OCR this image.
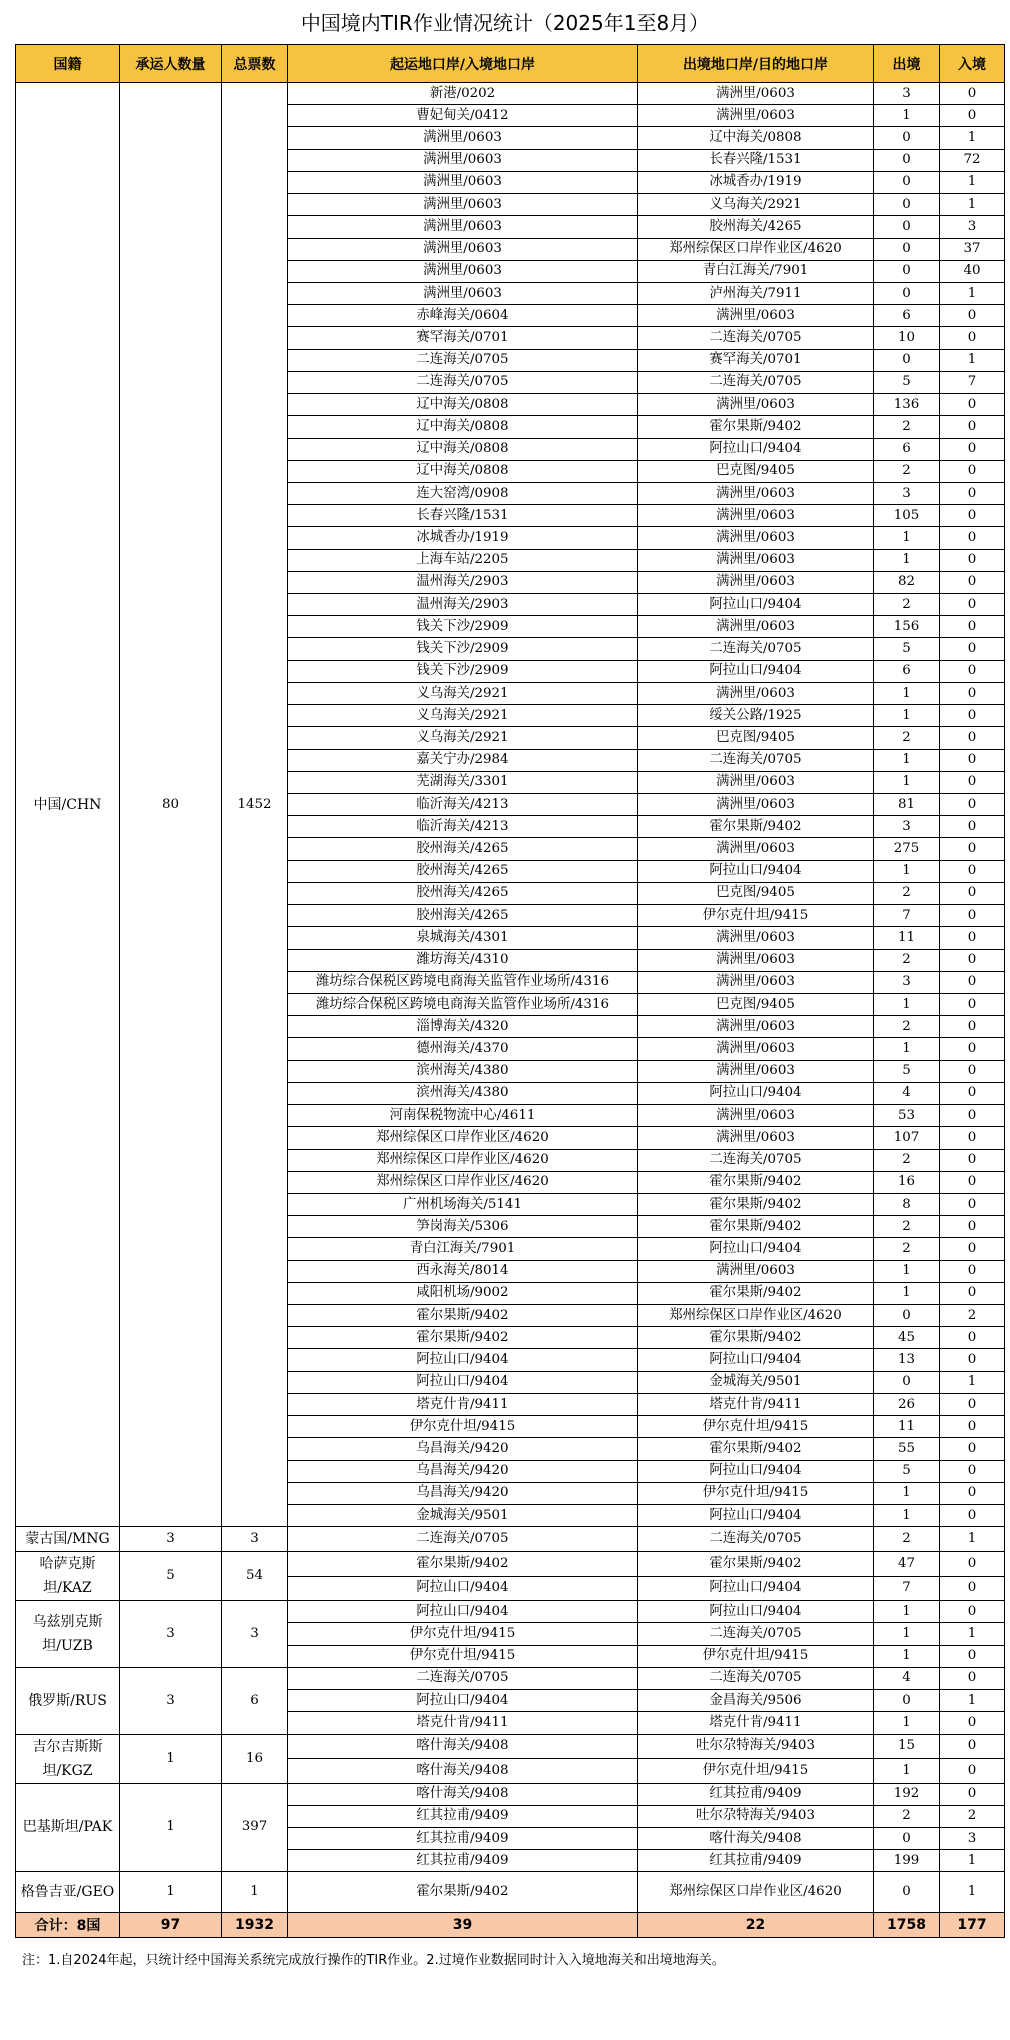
中国境内TIR作业情况统计（2025年1至8月）
国籍	承运人数量	总票数	起运地口岸/入境地口岸	出境地口岸/目的地口岸	出境	入境
中国/CHN	80	1452	新港/0202	满洲里/0603	3	0
			曹妃甸关/0412	满洲里/0603	1	0
			满洲里/0603	辽中海关/0808	0	1
			满洲里/0603	长春兴隆/1531	0	72
			满洲里/0603	冰城香办/1919	0	1
			满洲里/0603	义乌海关/2921	0	1
			满洲里/0603	胶州海关/4265	0	3
			满洲里/0603	郑州综保区口岸作业区/4620	0	37
			满洲里/0603	青白江海关/7901	0	40
			满洲里/0603	泸州海关/7911	0	1
			赤峰海关/0604	满洲里/0603	6	0
			赛罕海关/0701	二连海关/0705	10	0
			二连海关/0705	赛罕海关/0701	0	1
			二连海关/0705	二连海关/0705	5	7
			辽中海关/0808	满洲里/0603	136	0
			辽中海关/0808	霍尔果斯/9402	2	0
			辽中海关/0808	阿拉山口/9404	6	0
			辽中海关/0808	巴克图/9405	2	0
			连大窑湾/0908	满洲里/0603	3	0
			长春兴隆/1531	满洲里/0603	105	0
			冰城香办/1919	满洲里/0603	1	0
			上海车站/2205	满洲里/0603	1	0
			温州海关/2903	满洲里/0603	82	0
			温州海关/2903	阿拉山口/9404	2	0
			钱关下沙/2909	满洲里/0603	156	0
			钱关下沙/2909	二连海关/0705	5	0
			钱关下沙/2909	阿拉山口/9404	6	0
			义乌海关/2921	满洲里/0603	1	0
			义乌海关/2921	绥关公路/1925	1	0
			义乌海关/2921	巴克图/9405	2	0
			嘉关宁办/2984	二连海关/0705	1	0
			芜湖海关/3301	满洲里/0603	1	0
			临沂海关/4213	满洲里/0603	81	0
			临沂海关/4213	霍尔果斯/9402	3	0
			胶州海关/4265	满洲里/0603	275	0
			胶州海关/4265	阿拉山口/9404	1	0
			胶州海关/4265	巴克图/9405	2	0
			胶州海关/4265	伊尔克什坦/9415	7	0
			泉城海关/4301	满洲里/0603	11	0
			潍坊海关/4310	满洲里/0603	2	0
			潍坊综合保税区跨境电商海关监管作业场所/4316	满洲里/0603	3	0
			潍坊综合保税区跨境电商海关监管作业场所/4316	巴克图/9405	1	0
			淄博海关/4320	满洲里/0603	2	0
			德州海关/4370	满洲里/0603	1	0
			滨州海关/4380	满洲里/0603	5	0
			滨州海关/4380	阿拉山口/9404	4	0
			河南保税物流中心/4611	满洲里/0603	53	0
			郑州综保区口岸作业区/4620	满洲里/0603	107	0
			郑州综保区口岸作业区/4620	二连海关/0705	2	0
			郑州综保区口岸作业区/4620	霍尔果斯/9402	16	0
			广州机场海关/5141	霍尔果斯/9402	8	0
			笋岗海关/5306	霍尔果斯/9402	2	0
			青白江海关/7901	阿拉山口/9404	2	0
			西永海关/8014	满洲里/0603	1	0
			咸阳机场/9002	霍尔果斯/9402	1	0
			霍尔果斯/9402	郑州综保区口岸作业区/4620	0	2
			霍尔果斯/9402	霍尔果斯/9402	45	0
			阿拉山口/9404	阿拉山口/9404	13	0
			阿拉山口/9404	金城海关/9501	0	1
			塔克什肯/9411	塔克什肯/9411	26	0
			伊尔克什坦/9415	伊尔克什坦/9415	11	0
			乌昌海关/9420	霍尔果斯/9402	55	0
			乌昌海关/9420	阿拉山口/9404	5	0
			乌昌海关/9420	伊尔克什坦/9415	1	0
			金城海关/9501	阿拉山口/9404	1	0
蒙古国/MNG	3	3	二连海关/0705	二连海关/0705	2	1
哈萨克斯坦/KAZ	5	54	霍尔果斯/9402	霍尔果斯/9402	47	0
			阿拉山口/9404	阿拉山口/9404	7	0
乌兹别克斯坦/UZB	3	3	阿拉山口/9404	阿拉山口/9404	1	0
			伊尔克什坦/9415	二连海关/0705	1	1
			伊尔克什坦/9415	伊尔克什坦/9415	1	0
俄罗斯/RUS	3	6	二连海关/0705	二连海关/0705	4	0
			阿拉山口/9404	金昌海关/9506	0	1
			塔克什肯/9411	塔克什肯/9411	1	0
吉尔吉斯斯坦/KGZ	1	16	喀什海关/9408	吐尔尕特海关/9403	15	0
			喀什海关/9408	伊尔克什坦/9415	1	0
巴基斯坦/PAK	1	397	喀什海关/9408	红其拉甫/9409	192	0
			红其拉甫/9409	吐尔尕特海关/9403	2	2
			红其拉甫/9409	喀什海关/9408	0	3
			红其拉甫/9409	红其拉甫/9409	199	1
格鲁吉亚/GEO	1	1	霍尔果斯/9402	郑州综保区口岸作业区/4620	0	1
合计：8国	97	1932	39	22	1758	177
注：1.自2024年起，只统计经中国海关系统完成放行操作的TIR作业。2.过境作业数据同时计入入境地海关和出境地海关。
